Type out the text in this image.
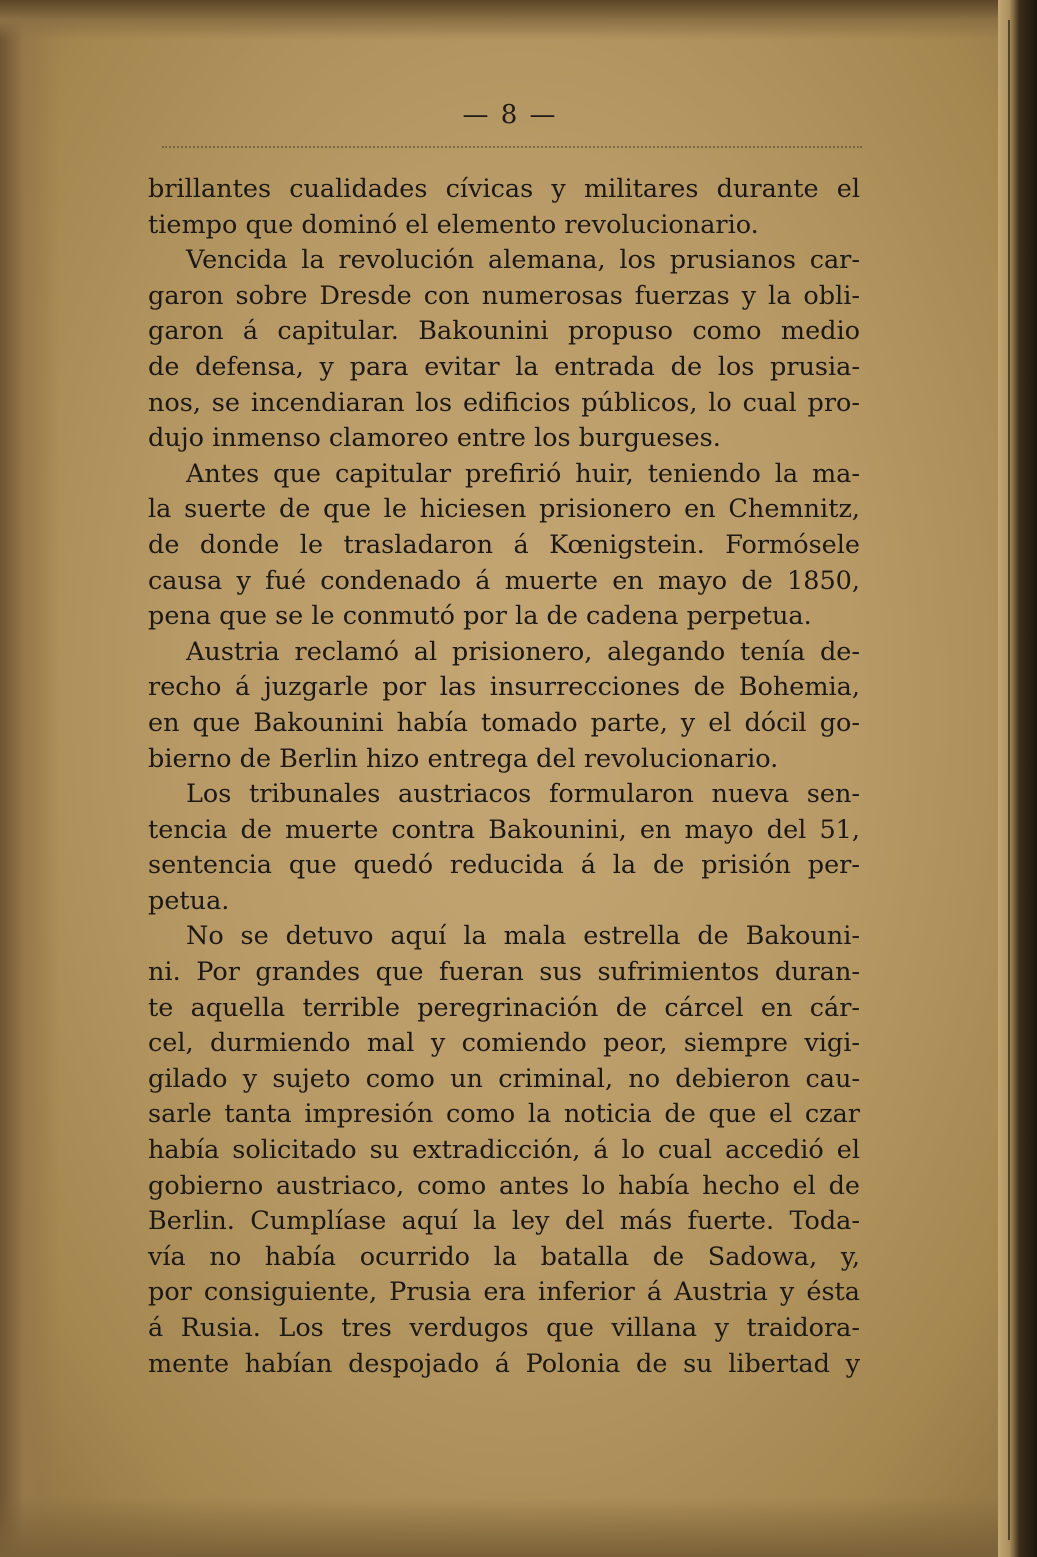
— 8 —
brillantes cualidades cívicas y militares durante el
tiempo que dominó el elemento revolucionario.
Vencida la revolución alemana, los prusianos car-
garon sobre Dresde con numerosas fuerzas y la obli-
garon á capitular. Bakounini propuso como medio
de defensa, y para evitar la entrada de los prusia-
nos, se incendiaran los edificios públicos, lo cual pro-
dujo inmenso clamoreo entre los burgueses.
Antes que capitular prefirió huir, teniendo la ma-
la suerte de que le hiciesen prisionero en Chemnitz,
de donde le trasladaron á Kœnigstein. Formósele
causa y fué condenado á muerte en mayo de 1850,
pena que se le conmutó por la de cadena perpetua.
Austria reclamó al prisionero, alegando tenía de-
recho á juzgarle por las insurrecciones de Bohemia,
en que Bakounini había tomado parte, y el dócil go-
bierno de Berlin hizo entrega del revolucionario.
Los tribunales austriacos formularon nueva sen-
tencia de muerte contra Bakounini, en mayo del 51,
sentencia que quedó reducida á la de prisión per-
petua.
No se detuvo aquí la mala estrella de Bakouni-
ni. Por grandes que fueran sus sufrimientos duran-
te aquella terrible peregrinación de cárcel en cár-
cel, durmiendo mal y comiendo peor, siempre vigi-
gilado y sujeto como un criminal, no debieron cau-
sarle tanta impresión como la noticia de que el czar
había solicitado su extradicción, á lo cual accedió el
gobierno austriaco, como antes lo había hecho el de
Berlin. Cumplíase aquí la ley del más fuerte. Toda-
vía no había ocurrido la batalla de Sadowa, y,
por consiguiente, Prusia era inferior á Austria y ésta
á Rusia. Los tres verdugos que villana y traidora-
mente habían despojado á Polonia de su libertad y
